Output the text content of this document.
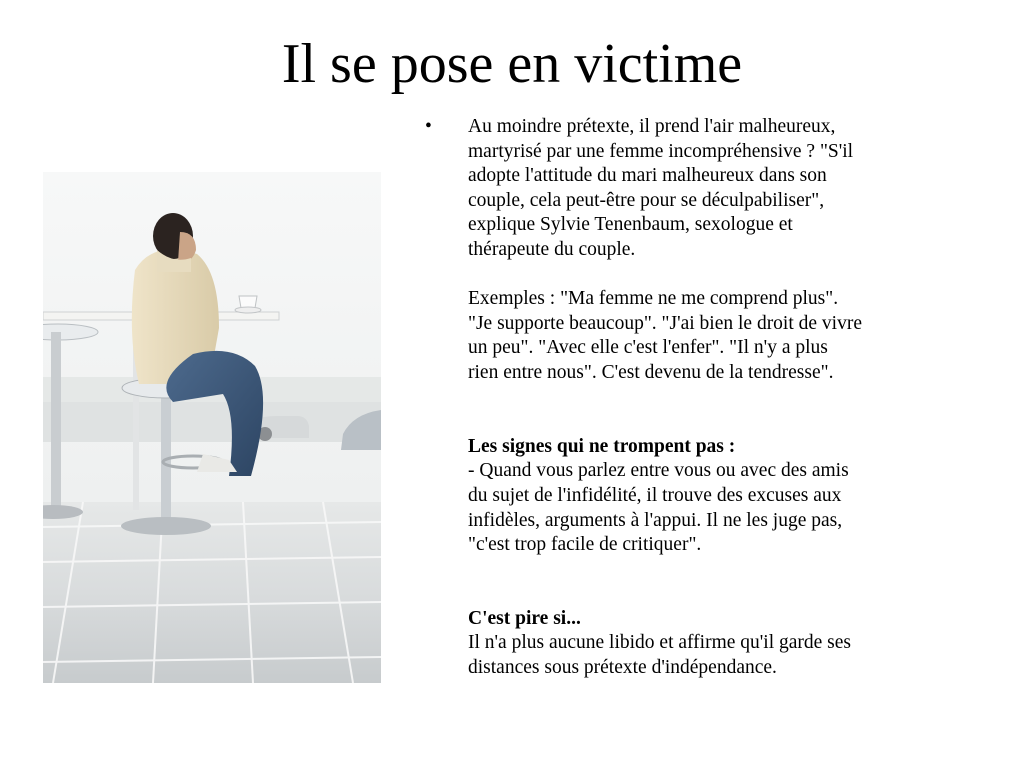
Il se pose en victime
•	Au moindre prétexte, il prend l'air malheureux,
martyrisé par une femme incompréhensive ? "S'il
adopte l'attitude du mari malheureux dans son
couple, cela peut-être pour se déculpabiliser",
explique Sylvie Tenenbaum, sexologue et
thérapeute du couple.

Exemples : "Ma femme ne me comprend plus".
"Je supporte beaucoup". "J'ai bien le droit de vivre
un peu". "Avec elle c'est l'enfer". "Il n'y a plus
rien entre nous". C'est devenu de la tendresse".

Les signes qui ne trompent pas :
- Quand vous parlez entre vous ou avec des amis
du sujet de l'infidélité, il trouve des excuses aux
infidèles, arguments à l'appui. Il ne les juge pas,
"c'est trop facile de critiquer".

C'est pire si...
Il n'a plus aucune libido et affirme qu'il garde ses
distances sous prétexte d'indépendance.
